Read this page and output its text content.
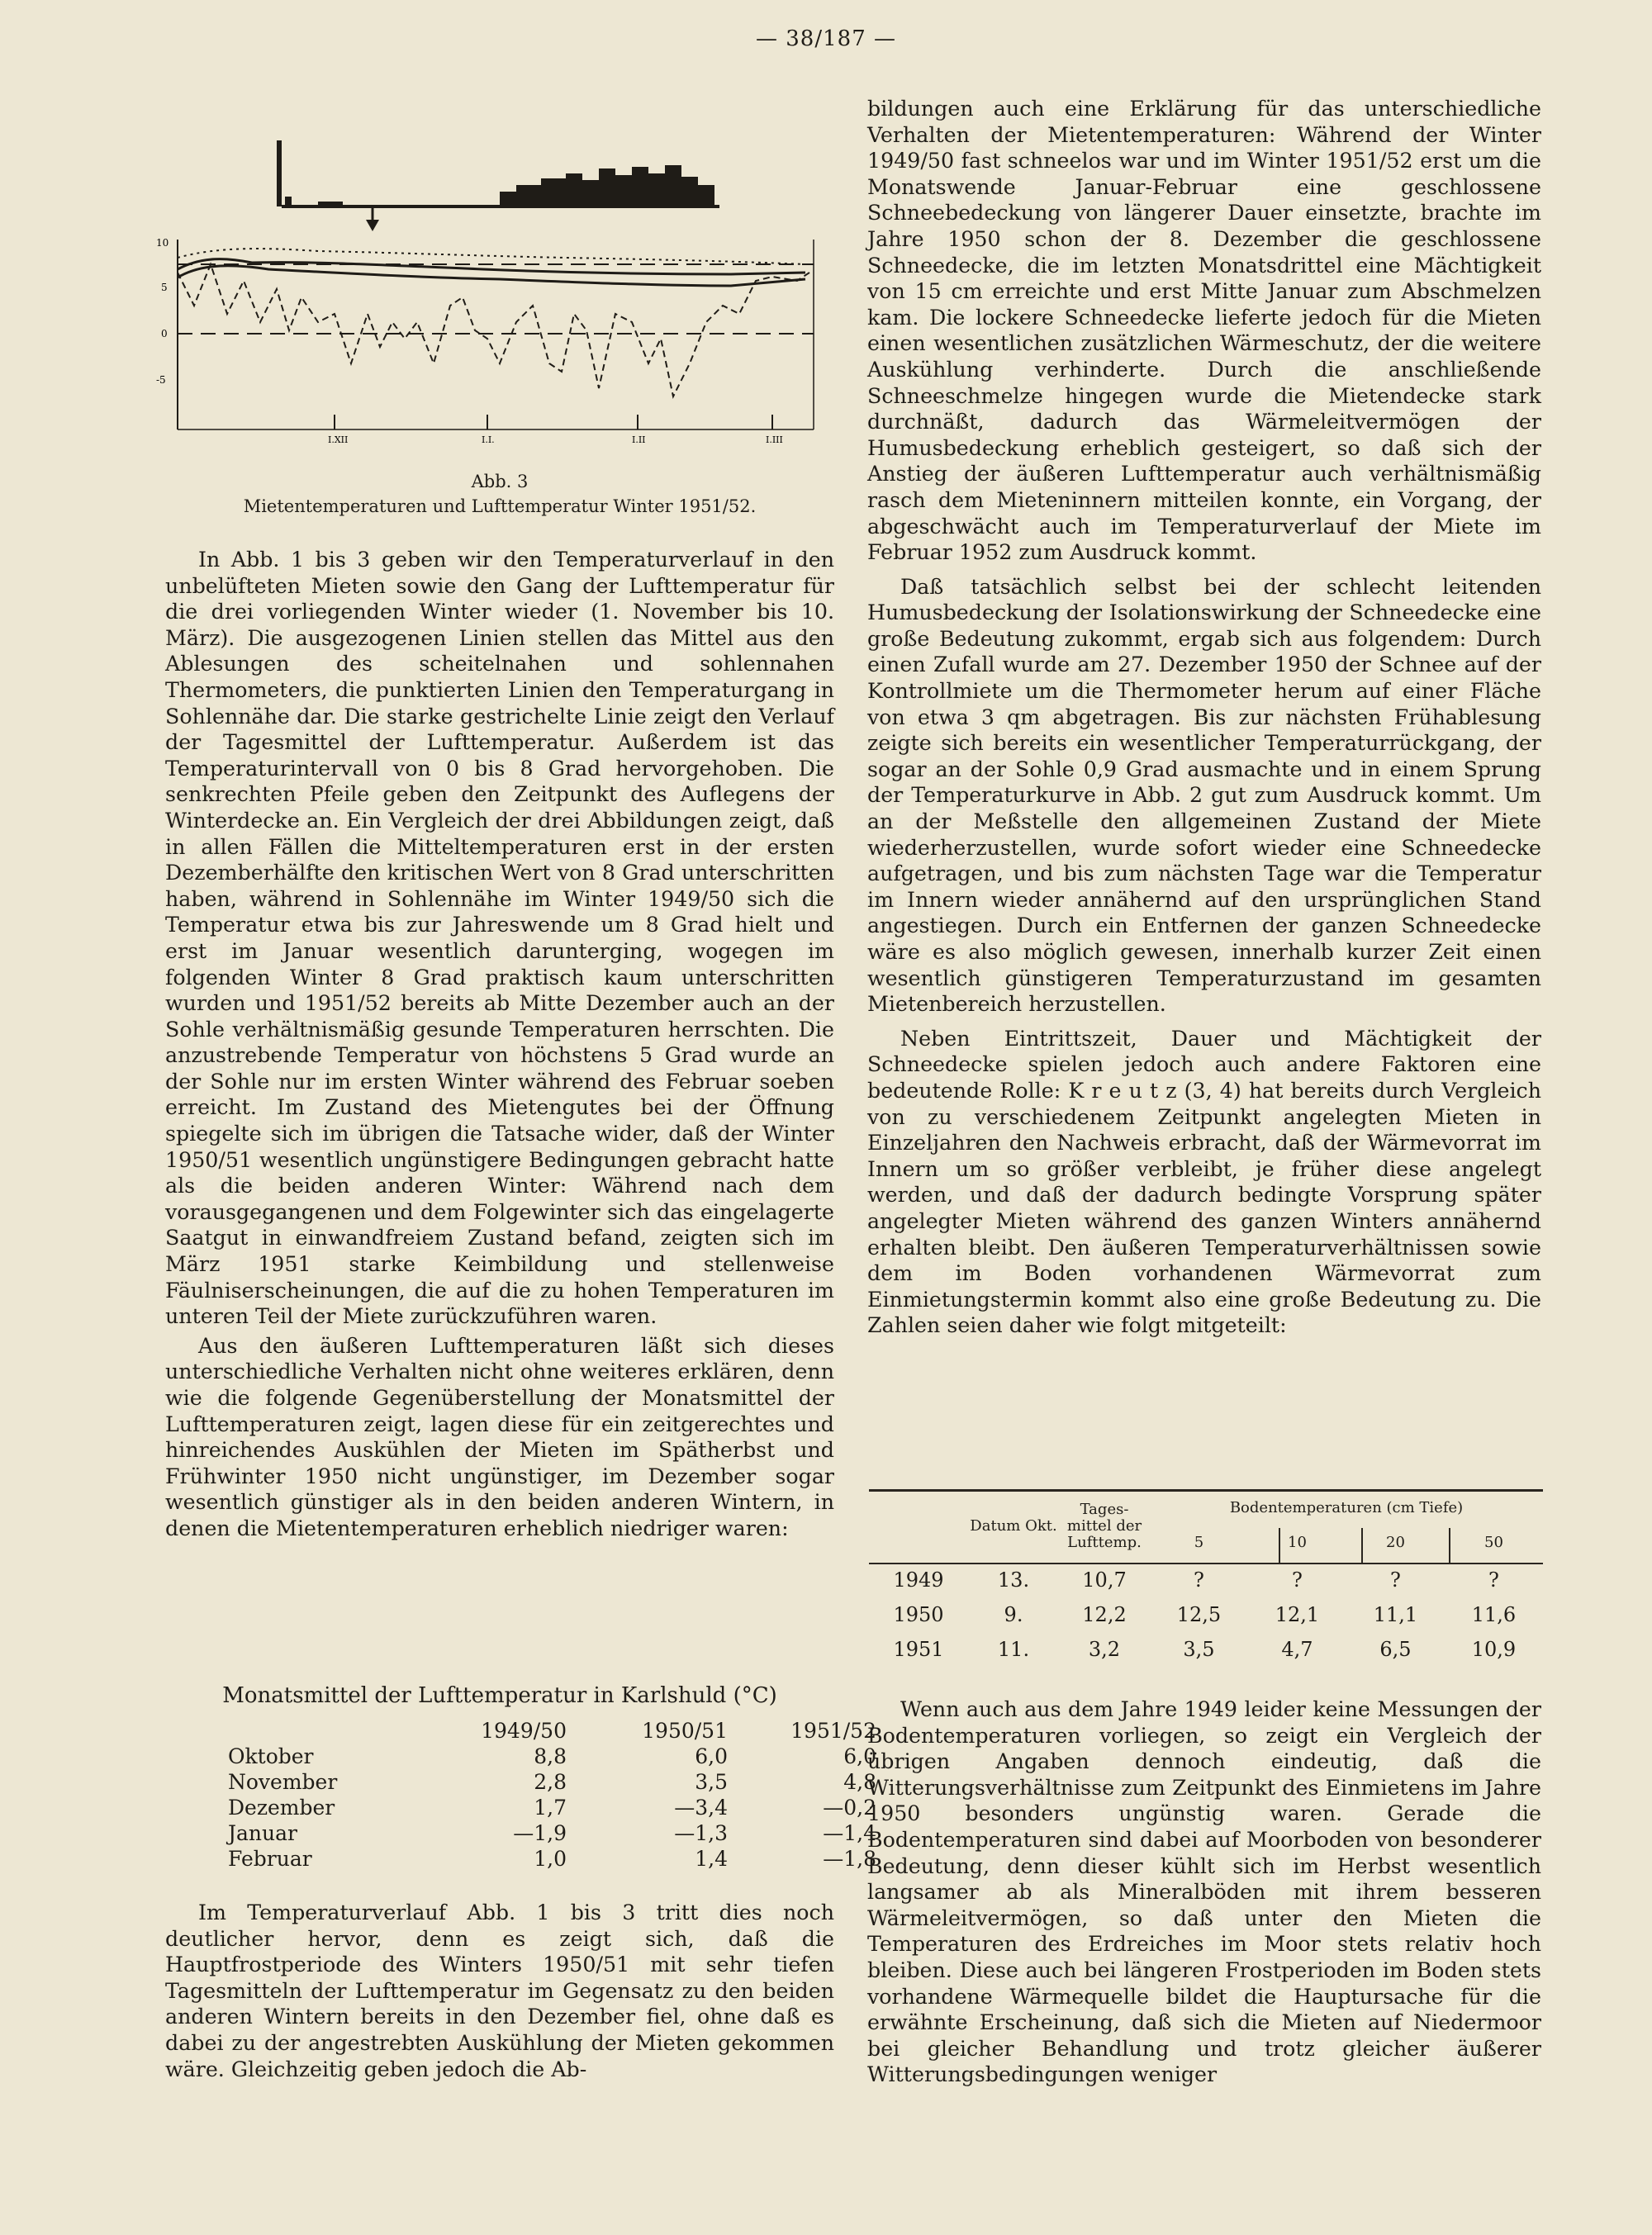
— 38/187 —
10
5
0
-5
I.XII	I.I.	I.II	I.III
Abb. 3
Mietentemperaturen und Lufttemperatur Winter 1951/52.

In Abb. 1 bis 3 geben wir den Temperaturverlauf in den unbelüfteten Mieten sowie den Gang der Lufttemperatur für die drei vorliegenden Winter wieder (1. November bis 10. März). Die ausgezogenen Linien stellen das Mittel aus den Ablesungen des scheitelnahen und sohlennahen Thermometers, die punktierten Linien den Temperaturgang in Sohlennähe dar. Die starke gestrichelte Linie zeigt den Verlauf der Tagesmittel der Lufttemperatur. Außerdem ist das Temperaturintervall von 0 bis 8 Grad hervorgehoben. Die senkrechten Pfeile geben den Zeitpunkt des Auflegens der Winterdecke an. Ein Vergleich der drei Abbildungen zeigt, daß in allen Fällen die Mitteltemperaturen erst in der ersten Dezemberhälfte den kritischen Wert von 8 Grad unterschritten haben, während in Sohlennähe im Winter 1949/50 sich die Temperatur etwa bis zur Jahreswende um 8 Grad hielt und erst im Januar wesentlich darunterging, wogegen im folgenden Winter 8 Grad praktisch kaum unterschritten wurden und 1951/52 bereits ab Mitte Dezember auch an der Sohle verhältnismäßig gesunde Temperaturen herrschten. Die anzustrebende Temperatur von höchstens 5 Grad wurde an der Sohle nur im ersten Winter während des Februar soeben erreicht. Im Zustand des Mietengutes bei der Öffnung spiegelte sich im übrigen die Tatsache wider, daß der Winter 1950/51 wesentlich ungünstigere Bedingungen gebracht hatte als die beiden anderen Winter: Während nach dem vorausgegangenen und dem Folgewinter sich das eingelagerte Saatgut in einwandfreiem Zustand befand, zeigten sich im März 1951 starke Keimbildung und stellenweise Fäulniserscheinungen, die auf die zu hohen Temperaturen im unteren Teil der Miete zurückzuführen waren.

Aus den äußeren Lufttemperaturen läßt sich dieses unterschiedliche Verhalten nicht ohne weiteres erklären, denn wie die folgende Gegenüberstellung der Monatsmittel der Lufttemperaturen zeigt, lagen diese für ein zeitgerechtes und hinreichendes Auskühlen der Mieten im Spätherbst und Frühwinter 1950 nicht ungünstiger, im Dezember sogar wesentlich günstiger als in den beiden anderen Wintern, in denen die Mietentemperaturen erheblich niedriger waren:

Monatsmittel der Lufttemperatur in Karlshuld (°C)
	1949/50	1950/51	1951/52
Oktober	8,8	6,0	6,0
November	2,8	3,5	4,8
Dezember	1,7	—3,4	—0,2
Januar	—1,9	—1,3	—1,4
Februar	1,0	1,4	—1,8

Im Temperaturverlauf Abb. 1 bis 3 tritt dies noch deutlicher hervor, denn es zeigt sich, daß die Hauptfrostperiode des Winters 1950/51 mit sehr tiefen Tagesmitteln der Lufttemperatur im Gegensatz zu den beiden anderen Wintern bereits in den Dezember fiel, ohne daß es dabei zu der angestrebten Auskühlung der Mieten gekommen wäre. Gleichzeitig geben jedoch die Ab-

bildungen auch eine Erklärung für das unterschiedliche Verhalten der Mietentemperaturen: Während der Winter 1949/50 fast schneelos war und im Winter 1951/52 erst um die Monatswende Januar-Februar eine geschlossene Schneebedeckung von längerer Dauer einsetzte, brachte im Jahre 1950 schon der 8. Dezember die geschlossene Schneedecke, die im letzten Monatsdrittel eine Mächtigkeit von 15 cm erreichte und erst Mitte Januar zum Abschmelzen kam. Die lockere Schneedecke lieferte jedoch für die Mieten einen wesentlichen zusätzlichen Wärmeschutz, der die weitere Auskühlung verhinderte. Durch die anschließende Schneeschmelze hingegen wurde die Mietendecke stark durchnäßt, dadurch das Wärmeleitvermögen der Humusbedeckung erheblich gesteigert, so daß sich der Anstieg der äußeren Lufttemperatur auch verhältnismäßig rasch dem Mieteninnern mitteilen konnte, ein Vorgang, der abgeschwächt auch im Temperaturverlauf der Miete im Februar 1952 zum Ausdruck kommt.

Daß tatsächlich selbst bei der schlecht leitenden Humusbedeckung der Isolationswirkung der Schneedecke eine große Bedeutung zukommt, ergab sich aus folgendem: Durch einen Zufall wurde am 27. Dezember 1950 der Schnee auf der Kontrollmiete um die Thermometer herum auf einer Fläche von etwa 3 qm abgetragen. Bis zur nächsten Frühablesung zeigte sich bereits ein wesentlicher Temperaturrückgang, der sogar an der Sohle 0,9 Grad ausmachte und in einem Sprung der Temperaturkurve in Abb. 2 gut zum Ausdruck kommt. Um an der Meßstelle den allgemeinen Zustand der Miete wiederherzustellen, wurde sofort wieder eine Schneedecke aufgetragen, und bis zum nächsten Tage war die Temperatur im Innern wieder annähernd auf den ursprünglichen Stand angestiegen. Durch ein Entfernen der ganzen Schneedecke wäre es also möglich gewesen, innerhalb kurzer Zeit einen wesentlich günstigeren Temperaturzustand im gesamten Mietenbereich herzustellen.

Neben Eintrittszeit, Dauer und Mächtigkeit der Schneedecke spielen jedoch auch andere Faktoren eine bedeutende Rolle: K r e u t z (3, 4) hat bereits durch Vergleich von zu verschiedenem Zeitpunkt angelegten Mieten in Einzeljahren den Nachweis erbracht, daß der Wärmevorrat im Innern um so größer verbleibt, je früher diese angelegt werden, und daß der dadurch bedingte Vorsprung später angelegter Mieten während des ganzen Winters annähernd erhalten bleibt. Den äußeren Temperaturverhältnissen sowie dem im Boden vorhandenen Wärmevorrat zum Einmietungstermin kommt also eine große Bedeutung zu. Die Zahlen seien daher wie folgt mitgeteilt:

	Datum Okt.	Tages- mittel der Lufttemp.	Bodentemperaturen (cm Tiefe)
5 10 20 50			

1949	13.	10,7	?	?	?	?
1950	9.	12,2	12,5	12,1	11,1	11,6
1951	11.	3,2	3,5	4,7	6,5	10,9

Wenn auch aus dem Jahre 1949 leider keine Messungen der Bodentemperaturen vorliegen, so zeigt ein Vergleich der übrigen Angaben dennoch eindeutig, daß die Witterungsverhältnisse zum Zeitpunkt des Einmietens im Jahre 1950 besonders ungünstig waren. Gerade die Bodentemperaturen sind dabei auf Moorboden von besonderer Bedeutung, denn dieser kühlt sich im Herbst wesentlich langsamer ab als Mineralböden mit ihrem besseren Wärmeleitvermögen, so daß unter den Mieten die Temperaturen des Erdreiches im Moor stets relativ hoch bleiben. Diese auch bei längeren Frostperioden im Boden stets vorhandene Wärmequelle bildet die Hauptursache für die erwähnte Erscheinung, daß sich die Mieten auf Niedermoor bei gleicher Behandlung und trotz gleicher äußerer Witterungsbedingungen weniger
